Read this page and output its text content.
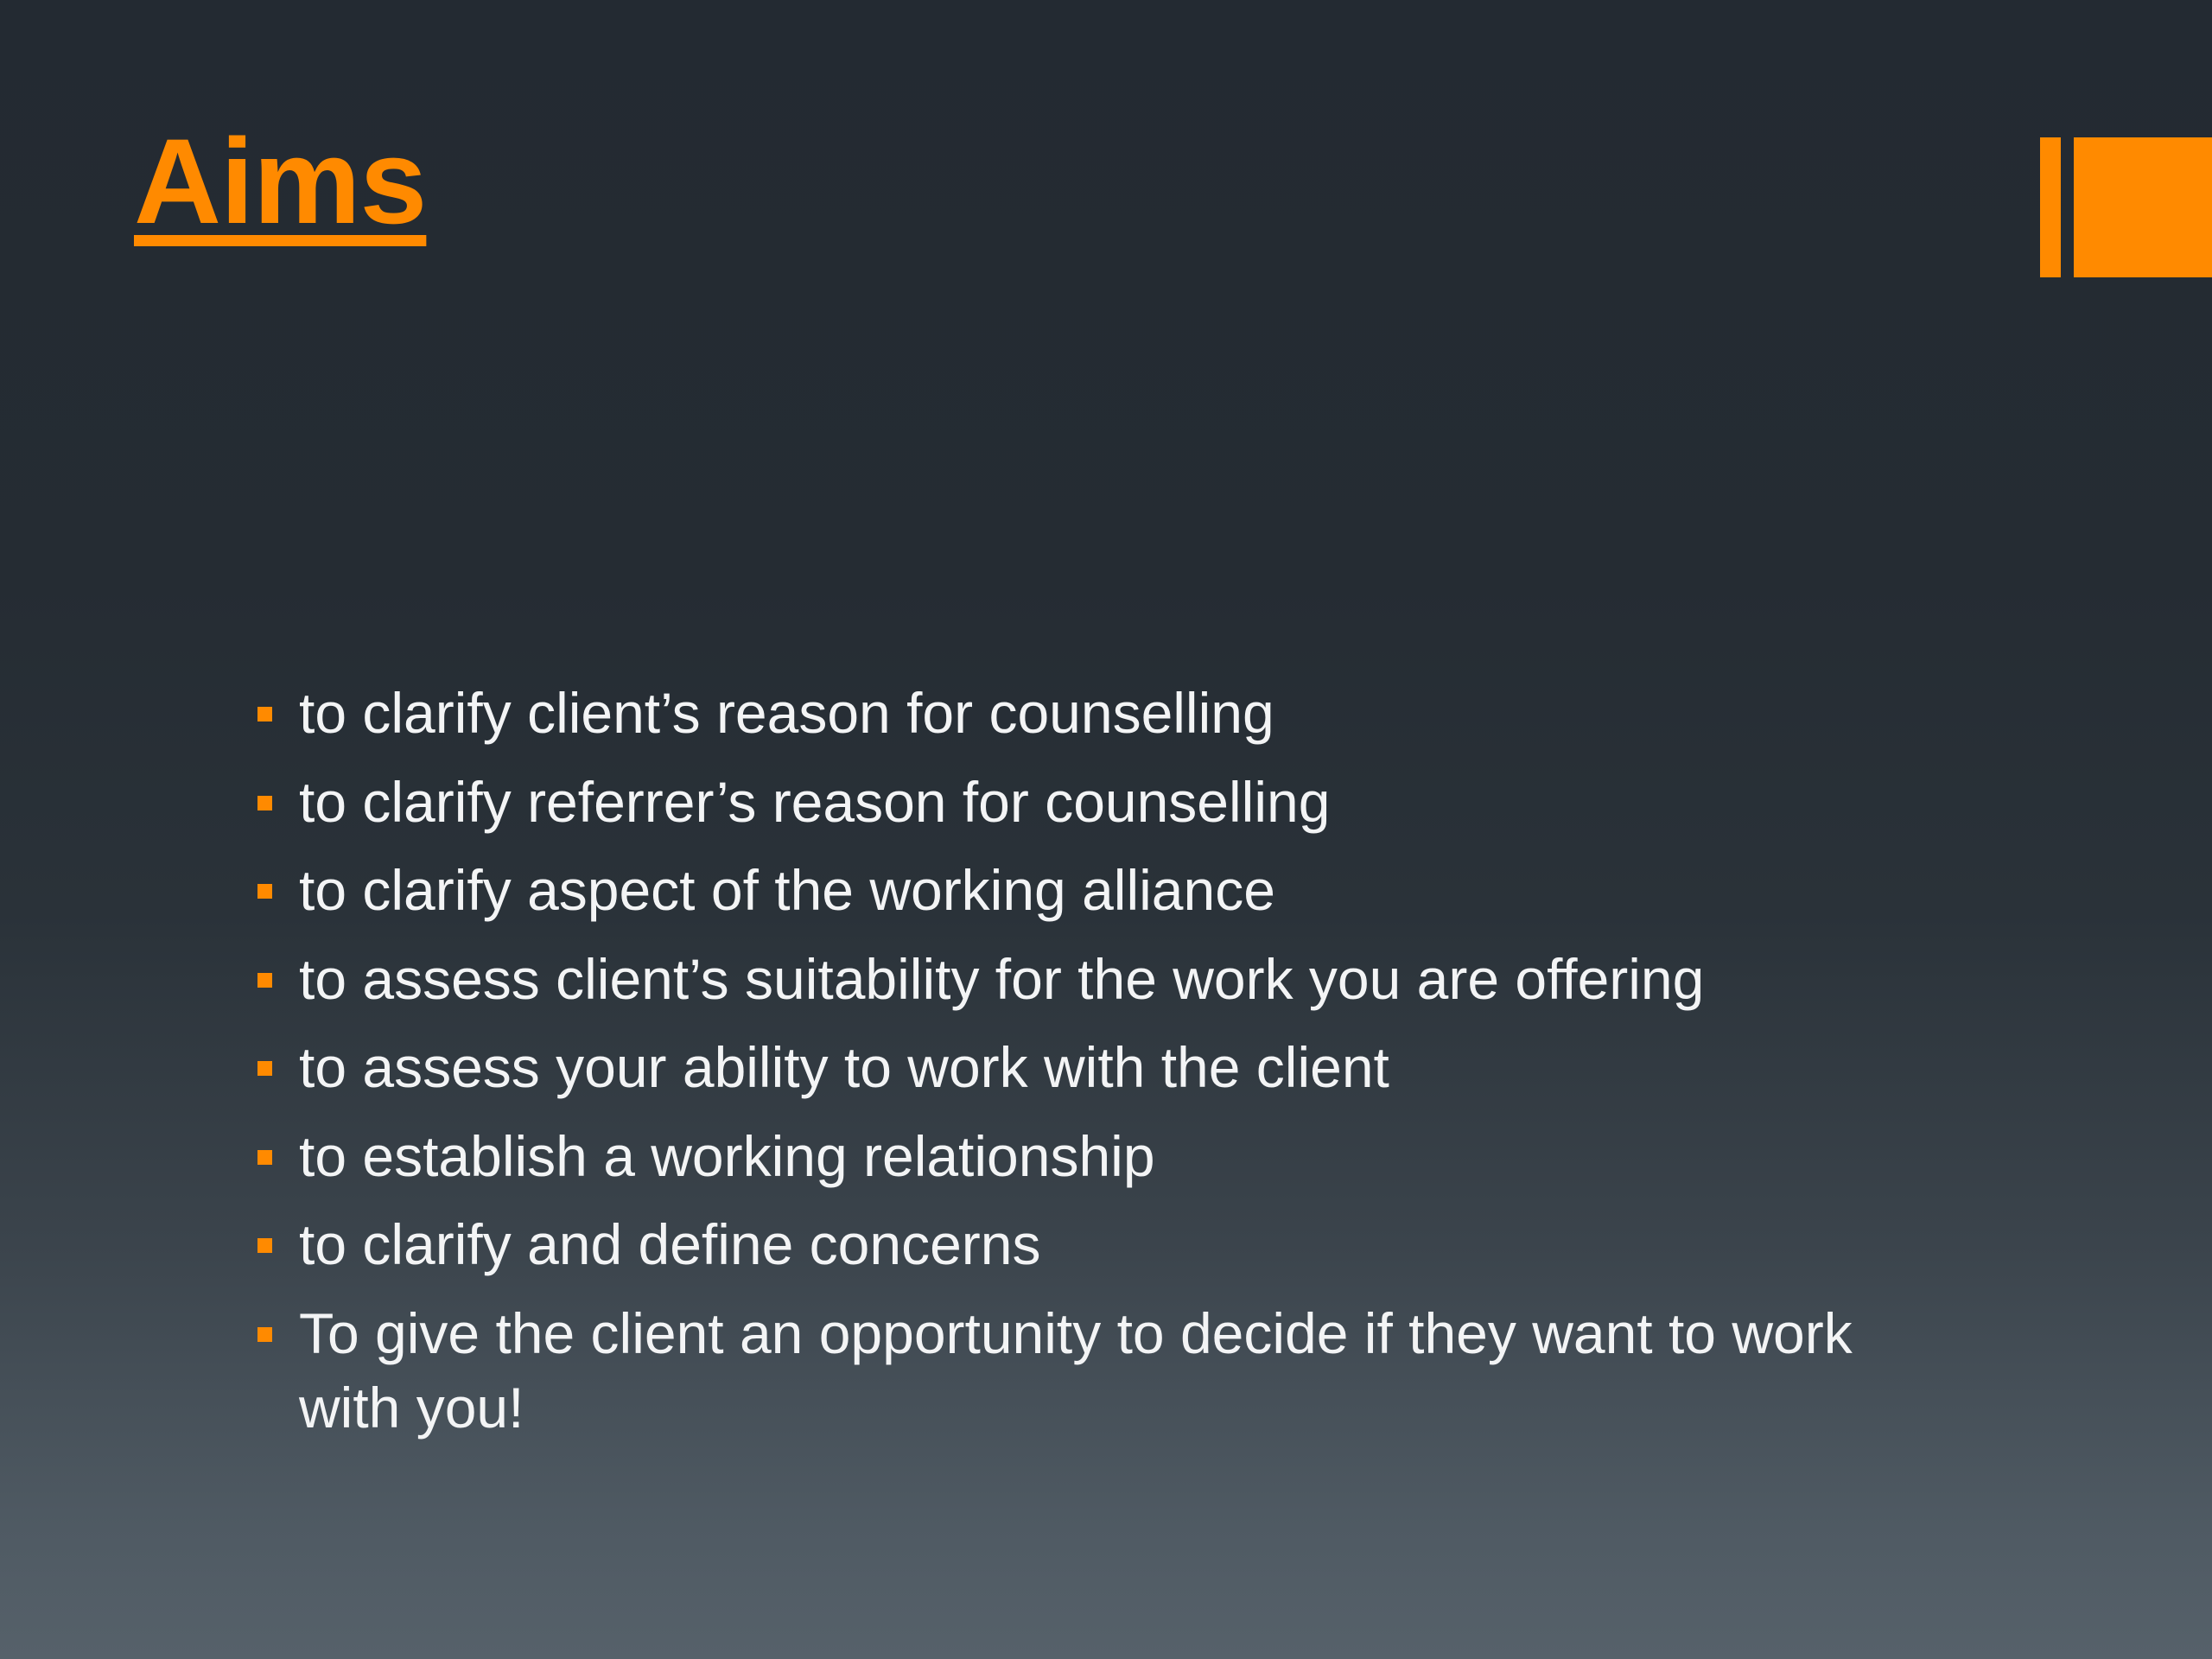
Aims
to clarify client’s reason for counselling
to clarify referrer’s reason for counselling
to clarify aspect of the working alliance
to assess client’s suitability for the work you are offering
to assess your ability to work with the client
to establish a working relationship
to clarify and define concerns
To give the client an opportunity to decide if they want to work with you!
